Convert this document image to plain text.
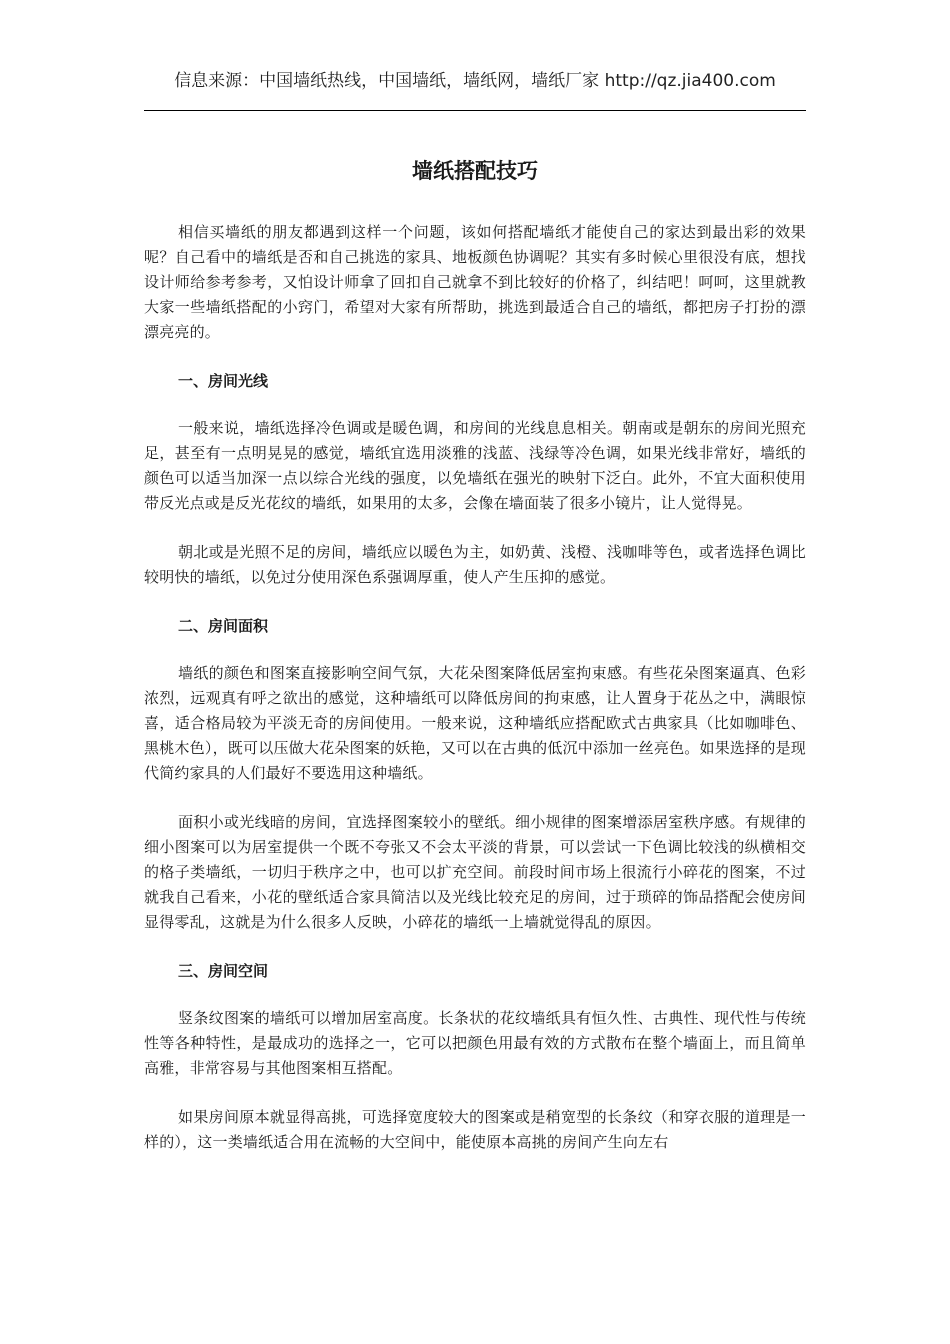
信息来源：中国墙纸热线，中国墙纸，墙纸网，墙纸厂家 http://qz.jia400.com
墙纸搭配技巧

相信买墙纸的朋友都遇到这样一个问题，该如何搭配墙纸才能使自己的家达到最出彩的效果呢？自己看中的墙纸是否和自己挑选的家具、地板颜色协调呢？其实有多时候心里很没有底，想找设计师给参考参考，又怕设计师拿了回扣自己就拿不到比较好的价格了，纠结吧！呵呵，这里就教大家一些墙纸搭配的小窍门，希望对大家有所帮助，挑选到最适合自己的墙纸，都把房子打扮的漂漂亮亮的。

一、房间光线

一般来说，墙纸选择冷色调或是暖色调，和房间的光线息息相关。朝南或是朝东的房间光照充足，甚至有一点明晃晃的感觉，墙纸宜选用淡雅的浅蓝、浅绿等冷色调，如果光线非常好，墙纸的颜色可以适当加深一点以综合光线的强度，以免墙纸在强光的映射下泛白。此外，不宜大面积使用带反光点或是反光花纹的墙纸，如果用的太多，会像在墙面装了很多小镜片，让人觉得晃。

朝北或是光照不足的房间，墙纸应以暖色为主，如奶黄、浅橙、浅咖啡等色，或者选择色调比较明快的墙纸，以免过分使用深色系强调厚重，使人产生压抑的感觉。

二、房间面积

墙纸的颜色和图案直接影响空间气氛，大花朵图案降低居室拘束感。有些花朵图案逼真、色彩浓烈，远观真有呼之欲出的感觉，这种墙纸可以降低房间的拘束感，让人置身于花丛之中，满眼惊喜，适合格局较为平淡无奇的房间使用。一般来说，这种墙纸应搭配欧式古典家具（比如咖啡色、黑桃木色），既可以压做大花朵图案的妖艳，又可以在古典的低沉中添加一丝亮色。如果选择的是现代简约家具的人们最好不要选用这种墙纸。

面积小或光线暗的房间，宜选择图案较小的壁纸。细小规律的图案增添居室秩序感。有规律的细小图案可以为居室提供一个既不夸张又不会太平淡的背景，可以尝试一下色调比较浅的纵横相交的格子类墙纸，一切归于秩序之中，也可以扩充空间。前段时间市场上很流行小碎花的图案，不过就我自己看来，小花的壁纸适合家具简洁以及光线比较充足的房间，过于琐碎的饰品搭配会使房间显得零乱，这就是为什么很多人反映，小碎花的墙纸一上墙就觉得乱的原因。

三、房间空间

竖条纹图案的墙纸可以增加居室高度。长条状的花纹墙纸具有恒久性、古典性、现代性与传统性等各种特性，是最成功的选择之一，它可以把颜色用最有效的方式散布在整个墙面上，而且简单高雅，非常容易与其他图案相互搭配。

如果房间原本就显得高挑，可选择宽度较大的图案或是稍宽型的长条纹（和穿衣服的道理是一样的），这一类墙纸适合用在流畅的大空间中，能使原本高挑的房间产生向左右
